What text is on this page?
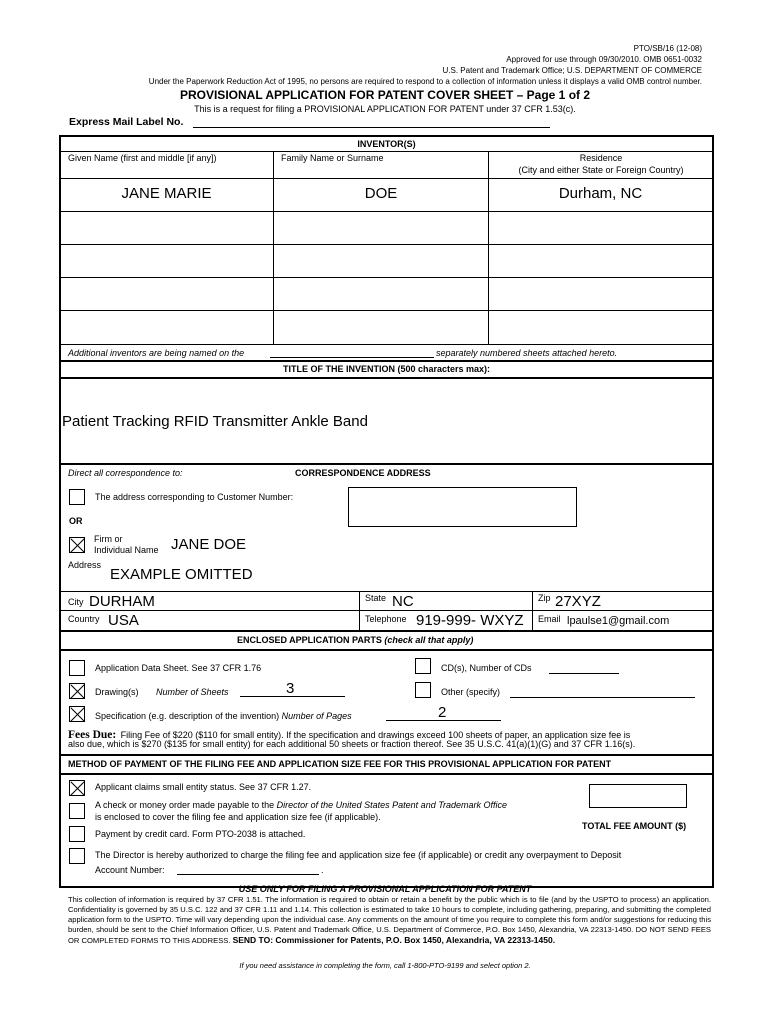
PTO/SB/16 (12-08)
Approved for use through 09/30/2010. OMB 0651-0032
U.S. Patent and Trademark Office; U.S. DEPARTMENT OF COMMERCE
Under the Paperwork Reduction Act of 1995, no persons are required to respond to a collection of information unless it displays a valid OMB control number.
PROVISIONAL APPLICATION FOR PATENT COVER SHEET – Page 1 of 2
This is a request for filing a PROVISIONAL APPLICATION FOR PATENT under 37 CFR 1.53(c).
Express Mail Label No.
INVENTOR(S)
Given Name (first and middle [if any])	Family Name or Surname	Residence
(City and either State or Foreign Country)
JANE MARIE	DOE	Durham, NC
Additional inventors are being named on the	separately numbered sheets attached hereto.
TITLE OF THE INVENTION (500 characters max):
Patient Tracking RFID Transmitter Ankle Band
Direct all correspondence to:	CORRESPONDENCE ADDRESS
The address corresponding to Customer Number:
OR
Firm or
Individual Name JANE DOE
Address
EXAMPLE OMITTED
City DURHAM	State NC	Zip 27XYZ
Country USA	Telephone 919-999- WXYZ Email lpaulse1@gmail.com
ENCLOSED APPLICATION PARTS (check all that apply)
Application Data Sheet. See 37 CFR 1.76	CD(s), Number of CDs
Drawing(s) Number of Sheets	3	Other (specify)
Specification (e.g. description of the invention) Number of Pages	2
Fees Due: Filing Fee of $220 ($110 for small entity). If the specification and drawings exceed 100 sheets of paper, an application size fee is
also due, which is $270 ($135 for small entity) for each additional 50 sheets or fraction thereof. See 35 U.S.C. 41(a)(1)(G) and 37 CFR 1.16(s).
METHOD OF PAYMENT OF THE FILING FEE AND APPLICATION SIZE FEE FOR THIS PROVISIONAL APPLICATION FOR PATENT
Applicant claims small entity status. See 37 CFR 1.27.
A check or money order made payable to the Director of the United States Patent and Trademark Office
is enclosed to cover the filing fee and application size fee (if applicable).
TOTAL FEE AMOUNT ($)
Payment by credit card. Form PTO-2038 is attached.
The Director is hereby authorized to charge the filing fee and application size fee (if applicable) or credit any overpayment to Deposit
Account Number:	.
USE ONLY FOR FILING A PROVISIONAL APPLICATION FOR PATENT
This collection of information is required by 37 CFR 1.51. The information is required to obtain or retain a benefit by the public which is to file (and by the USPTO to process) an application. Confidentiality is governed by 35 U.S.C. 122 and 37 CFR 1.11 and 1.14. This collection is estimated to take 10 hours to complete, including gathering, preparing, and submitting the completed application form to the USPTO. Time will vary depending upon the individual case. Any comments on the amount of time you require to complete this form and/or suggestions for reducing this burden, should be sent to the Chief Information Officer, U.S. Patent and Trademark Office, U.S. Department of Commerce, P.O. Box 1450, Alexandria, VA 22313-1450. DO NOT SEND FEES OR COMPLETED FORMS TO THIS ADDRESS. SEND TO: Commissioner for Patents, P.O. Box 1450, Alexandria, VA 22313-1450.
If you need assistance in completing the form, call 1-800-PTO-9199 and select option 2.
